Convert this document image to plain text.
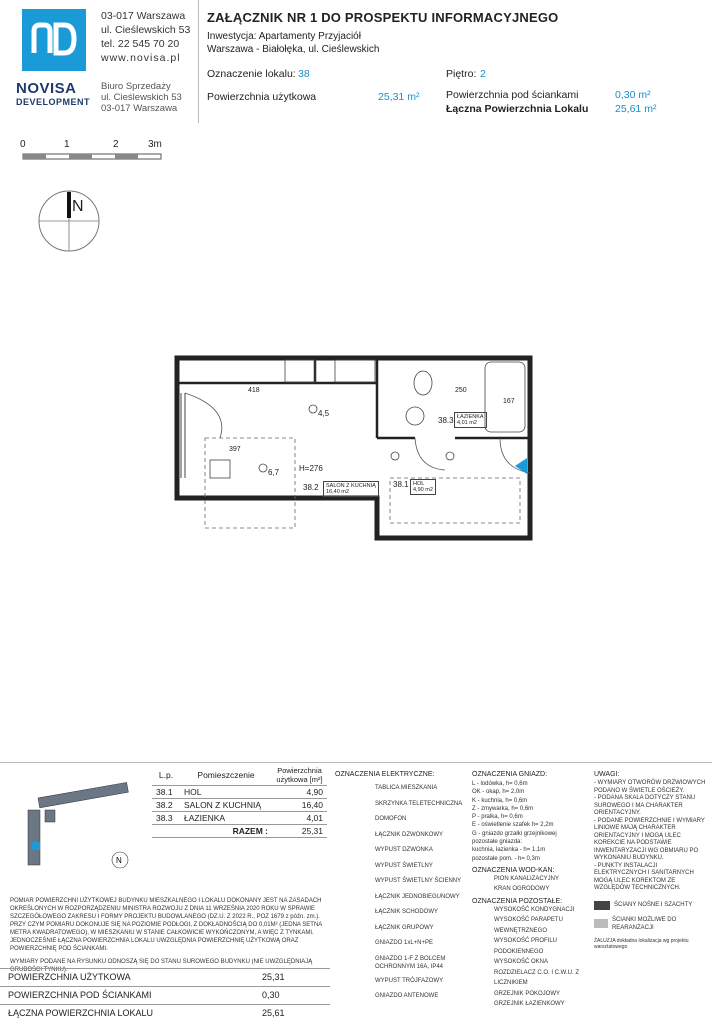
NOVISA
DEVELOPMENT
03-017 Warszawa
ul. Cieślewskich 53
tel. 22 545 70 20
www.novisa.pl
Biuro Sprzedaży
ul. Cieślewskich 53
03-017 Warszawa
ZAŁĄCZNIK NR 1 DO PROSPEKTU INFORMACYJNEGO
Inwestycja: Apartamenty Przyjaciół
Warszawa - Białołęka, ul. Cieślewskich
Oznaczenie lokalu: 38	Piętro: 2
Powierzchnia użytkowa	25,31 m²	Powierzchnia pod ściankami	0,30 m²
Łączna Powierzchnia Lokalu	25,61 m²
0	1	2	3m
N
418	250
167
4,5
397
6,7 H=276
38.2 SALON Z KUCHNIĄ
16,40 m2
38.1 HOL
4,90 m2
38.3 ŁAZIENKA
4,01 m2
N
L.p.	Pomieszczenie	Powierzchnia użytkowa [m²]
38.1	HOL	4,90
38.2	SALON Z KUCHNIĄ	16,40
38.3	ŁAZIENKA	4,01
	RAZEM :	25,31
POMIAR POWIERZCHNI UŻYTKOWEJ BUDYNKU MIESZKALNEGO I LOKALU DOKONANY JEST NA ZASADACH OKREŚLONYCH W ROZPORZĄDZENIU MINISTRA ROZWOJU Z DNIA 11 WRZEŚNIA 2020 ROKU W SPRAWIE SZCZEGÓŁOWEGO ZAKRESU I FORMY PROJEKTU BUDOWLANEGO (DZ.U. Z 2022 R., POZ 1679 z późn. zm.). PRZY CZYM POMIARU DOKONUJE SIĘ NA POZIOMIE PODŁOGI, Z DOKŁADNOŚCIĄ DO 0,01M² (JEDNA SETNA METRA KWADRATOWEGO), W MIESZKANIU W STANIE CAŁKOWICIE WYKOŃCZONYM, A WIĘC Z TYNKAMI. JEDNOCZEŚNIE ŁĄCZNA POWIERZCHNIA LOKALU UWZGLĘDNIA POWIERZCHNIĘ UŻYTKOWĄ ORAZ POWIERZCHNIĘ POD ŚCIANKAMI.
WYMIARY PODANE NA RYSUNKU ODNOSZĄ SIĘ DO STANU SUROWEGO BUDYNKU (NIE UWZGLĘDNIAJĄ GRUBOŚCI TYNKU).
POWIERZCHNIA UŻYTKOWA	25,31
POWIERZCHNIA POD ŚCIANKAMI	0,30
ŁĄCZNA POWIERZCHNIA LOKALU	25,61
OZNACZENIA ELEKTRYCZNE:
TABLICA MIESZKANIA
SKRZYNKA TELETECHNICZNA
DOMOFON
ŁĄCZNIK DZWONKOWY
WYPUST DZWONKA
WYPUST ŚWIETLNY
WYPUST ŚWIETLNY ŚCIENNY
ŁĄCZNIK JEDNOBIEGUNOWY
ŁĄCZNIK SCHODOWY
ŁĄCZNIK GRUPOWY
GNIAZDO 1xL+N+PE
GNIAZDO 1-F Z BOLCEM OCHRONNYM 16A, IP44
WYPUST TRÓJFAZOWY
GNIAZDO ANTENOWE
OZNACZENIA GNIAZD:
L - lodówka, h= 0,6m
OK - okap, h= 2,0m
K - kuchnia, h= 0,6m
Z - zmywarka, h= 0,6m
P - pralka, h= 0,6m
E - oświetlenie szafek h= 2,2m
G - gniazdo grzałki grzejnikowej
pozostałe gniazda:
kuchnia, łazienka - h= 1,1m
pozostałe pom. - h= 0,3m
OZNACZENIA WOD-KAN:
PION KANALIZACYJNY
KRAN OGRODOWY
OZNACZENIA POZOSTAŁE:
WYSOKOŚĆ KONDYGNACJI
WYSOKOŚĆ PARAPETU WEWNĘTRZNEGO
WYSOKOŚĆ PROFILU PODOKIENNEGO
WYSOKOŚĆ OKNA
ROZDZIELACZ C.O. I C.W.U. Z LICZNIKIEM
GRZEJNIK POKOJOWY
GRZEJNIK ŁAZIENKOWY
UWAGI:
- WYMIARY OTWORÓW DRZWIOWYCH PODANO W ŚWIETLE OŚCIEŻY.
- PODANA SKALA DOTYCZY STANU SUROWEGO I MA CHARAKTER ORIENTACYJNY.
- PODANE POWIERZCHNIE I WYMIARY LINIOWE MAJĄ CHARAKTER ORIENTACYJNY I MOGĄ ULEC KOREKCIE NA PODSTAWIE INWENTARYZACJI WG OBMIARU PO WYKONANIU BUDYNKU.
- PUNKTY INSTALACJI ELEKTRYCZNYCH I SANITARNYCH MOGĄ ULEC KOREKTOM ZE WZGLĘDÓW TECHNICZNYCH.
ŚCIANY NOŚNE I SZACHTY
ŚCIANKI MOŻLIWE DO REARANŻACJI
ŻALUZJA dokładna lokalizacja wg projektu warsztatowego
